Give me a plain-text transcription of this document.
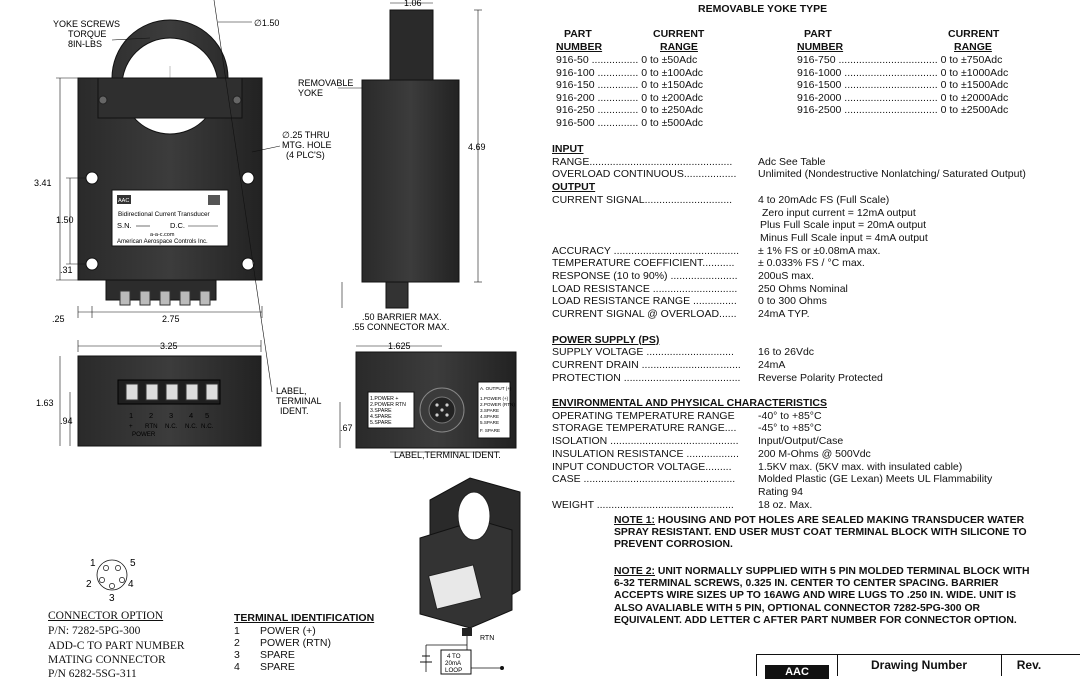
YOKE SCREWS
TORQUE
8IN-LBS
∅1.50
REMOVABLE
YOKE
∅.25 THRU
MTG. HOLE
(4 PLC'S)
1.06
3.41
1.50
.31
.25	2.75
4.69
.50 BARRIER MAX.
.55 CONNECTOR MAX.
3.25	1.625
1.63
.94
.67
LABEL,
TERMINAL
IDENT.
LABEL,TERMINAL IDENT.
AAC
Bidirectional Current Transducer
S.N.	D.C.
a-a-c.com
American Aerospace Controls Inc.
1 2 3 4 5
+ RTN N.C. N.C. N.C.
POWER
1.POWER +
2.POWER RTN
3.SPARE
4.SPARE
5.SPARE
A. OUTPUT (+)
1.POWER (+)
2.POWER (RTN)
3.SPARE
4.SPARE
5.SPARE
F. SPARE
1	5
2	4
3
RTN
4 TO
20mA
LOOP
REMOVABLE YOKE TYPE
PART
NUMBER
CURRENT
RANGE
PART
NUMBER
CURRENT
RANGE
916-50 ................ 0 to ±50Adc
916-100 .............. 0 to ±100Adc
916-150 .............. 0 to ±150Adc
916-200 .............. 0 to ±200Adc
916-250 .............. 0 to ±250Adc
916-500 .............. 0 to ±500Adc
916-750 .................................. 0 to ±750Adc
916-1000 ................................ 0 to ±1000Adc
916-1500 ................................ 0 to ±1500Adc
916-2000 ................................ 0 to ±2000Adc
916-2500 ................................ 0 to ±2500Adc
INPUT
RANGE................................................. Adc See Table
OVERLOAD CONTINUOUS.................. Unlimited (Nondestructive Nonlatching/ Saturated Output)
OUTPUT
CURRENT SIGNAL.............................. 4 to 20mAdc FS (Full Scale)
Zero input current = 12mA output
Plus Full Scale input = 20mA output
Minus Full Scale input = 4mA output
ACCURACY ........................................... ± 1% FS or ±0.08mA max.
TEMPERATURE COEFFICIENT........... ± 0.033% FS / °C max.
RESPONSE (10 to 90%) ....................... 200uS max.
LOAD RESISTANCE ............................. 250 Ohms Nominal
LOAD RESISTANCE RANGE ............... 0 to 300 Ohms
CURRENT SIGNAL @ OVERLOAD...... 24mA TYP.
POWER SUPPLY (PS)
SUPPLY VOLTAGE .............................. 16 to 26Vdc
CURRENT DRAIN .................................. 24mA
PROTECTION ........................................ Reverse Polarity Protected
ENVIRONMENTAL AND PHYSICAL CHARACTERISTICS
OPERATING TEMPERATURE RANGE -40° to +85°C
STORAGE TEMPERATURE RANGE.... -45° to +85°C
ISOLATION ............................................ Input/Output/Case
INSULATION RESISTANCE .................. 200 M-Ohms @ 500Vdc
INPUT CONDUCTOR VOLTAGE.........	1.5KV max. (5KV max. with insulated cable)
CASE .................................................... Molded Plastic (GE Lexan) Meets UL Flammability
Rating 94
WEIGHT ............................................... 18 oz. Max.
NOTE 1: HOUSING AND POT HOLES ARE SEALED MAKING TRANSDUCER WATER SPRAY RESISTANT. END USER MUST COAT TERMINAL BLOCK WITH SILICONE TO PREVENT CORROSION.
NOTE 2: UNIT NORMALLY SUPPLIED WITH 5 PIN MOLDED TERMINAL BLOCK WITH 6-32 TERMINAL SCREWS, 0.325 IN. CENTER TO CENTER SPACING. BARRIER ACCEPTS WIRE SIZES UP TO 16AWG AND WIRE LUGS TO .250 IN. WIDE. UNIT IS ALSO AVALIABLE WITH 5 PIN, OPTIONAL CONNECTOR 7282-5PG-300 OR EQUIVALENT. ADD LETTER C AFTER PART NUMBER FOR CONNECTOR OPTION.
CONNECTOR OPTION
P/N: 7282-5PG-300
ADD-C TO PART NUMBER
MATING CONNECTOR
P/N 6282-5SG-311
TERMINAL IDENTIFICATION
1 POWER (+)
2 POWER (RTN)
3 SPARE
4 SPARE	AAC	Drawing Number	Rev.
